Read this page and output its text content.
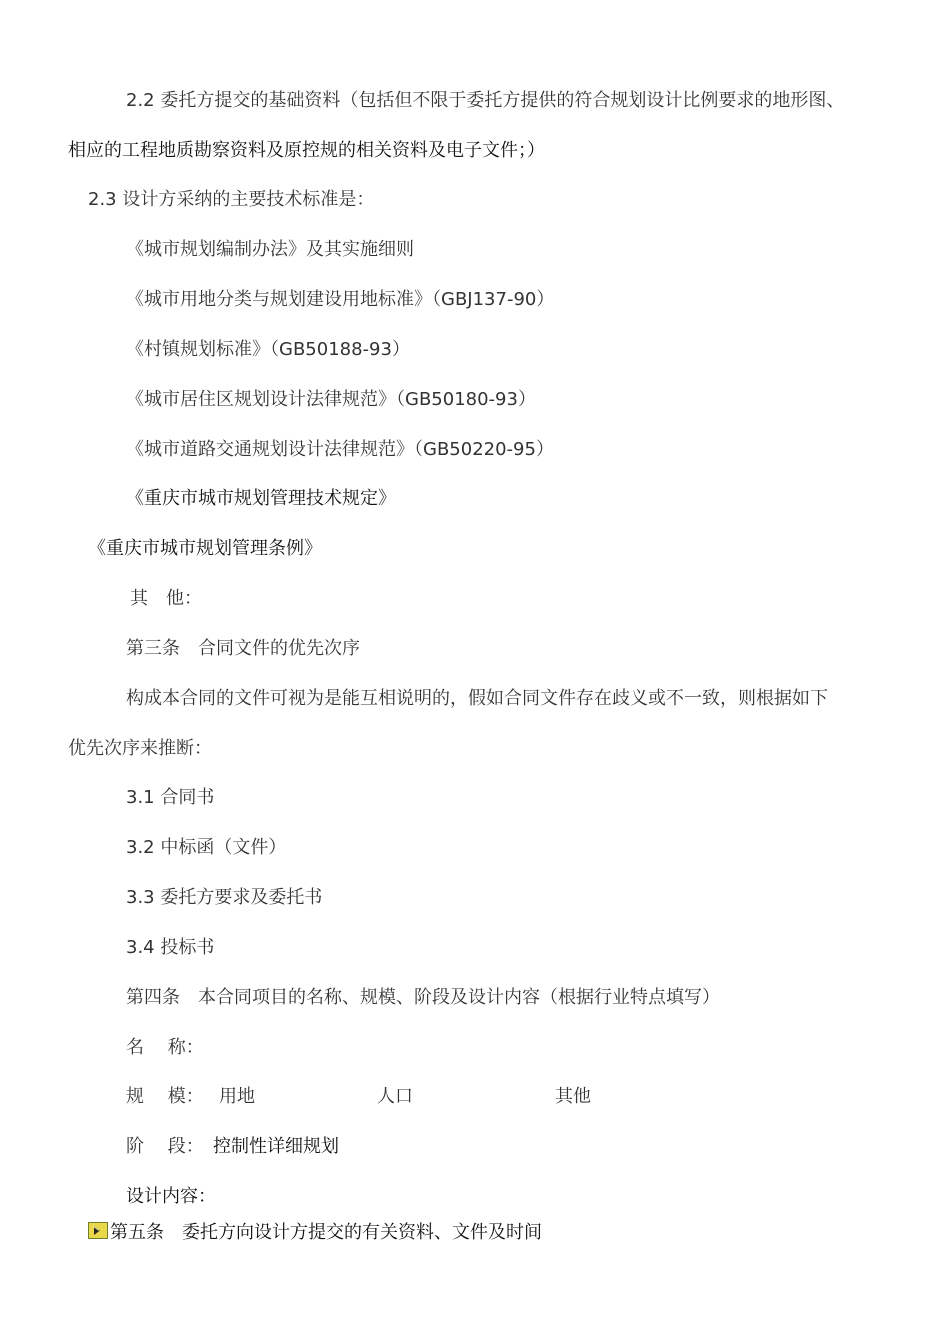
2.2 委托方提交的基础资料（包括但不限于委托方提供的符合规划设计比例要求的地形图、
相应的工程地质勘察资料及原控规的相关资料及电子文件；）
2.3 设计方采纳的主要技术标准是：
《城市规划编制办法》及其实施细则
《城市用地分类与规划建设用地标准》（GBJ137-90）
《村镇规划标准》（GB50188-93）
《城市居住区规划设计法律规范》（GB50180-93）
《城市道路交通规划设计法律规范》（GB50220-95）
《重庆市城市规划管理技术规定》
《重庆市城市规划管理条例》
其　他：
第三条　合同文件的优先次序
构成本合同的文件可视为是能互相说明的，假如合同文件存在歧义或不一致，则根据如下
优先次序来推断：
3.1 合同书
3.2 中标函（文件）
3.3 委托方要求及委托书
3.4 投标书
第四条　本合同项目的名称、规模、阶段及设计内容（根据行业特点填写）
名　 称：
规　 模： 用地	人口	其他
阶　 段： 控制性详细规划
设计内容：
第五条　委托方向设计方提交的有关资料、文件及时间
